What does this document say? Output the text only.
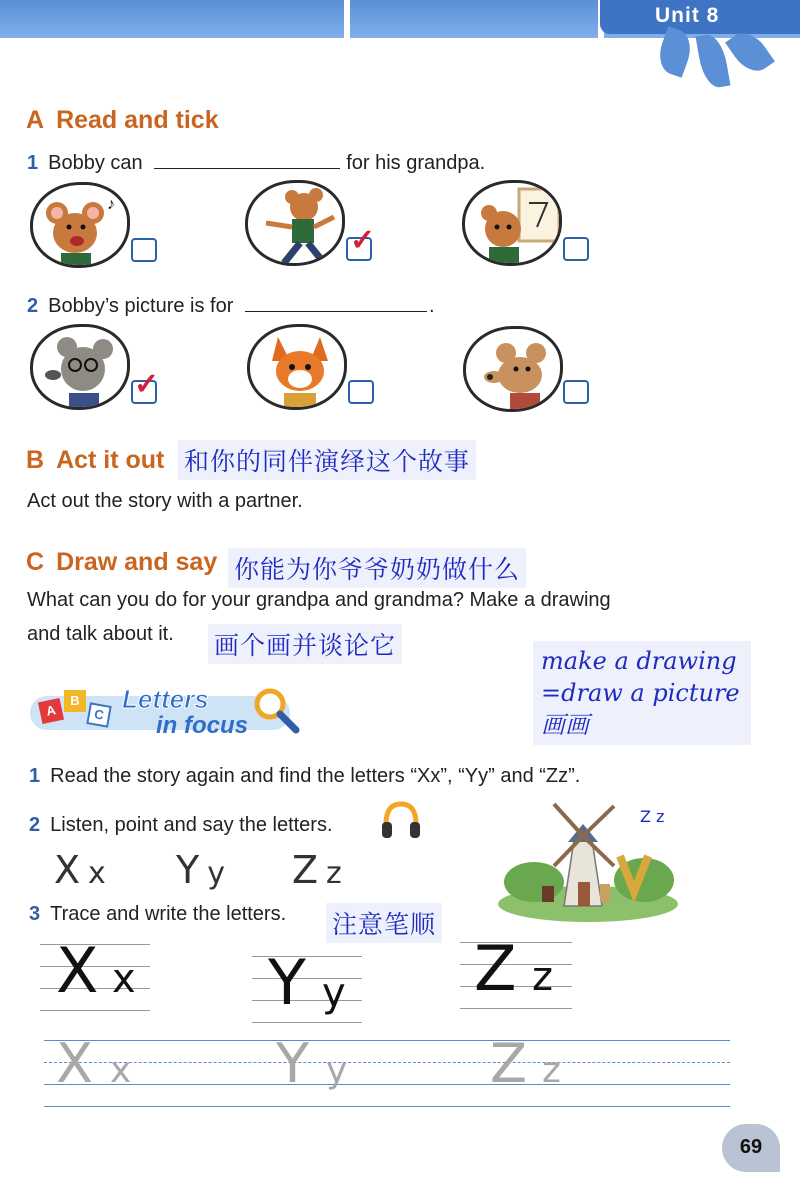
Unit 8
A Read and tick
1 Bobby can	for his grandpa.
♪
✓
2 Bobby’s picture is for	.
✓
B Act it out 和你的同伴演绎这个故事
Act out the story with a partner.
C Draw and say 你能为你爷爷奶奶做什么
What can you do for your grandpa and grandma? Make a drawing
and talk about it. 画个画并谈论它
make a drawing
=draw a picture
画画
A
B
C
Letters
in focus
1 Read the story again and find the letters “Xx”, “Yy” and “Zz”.
2 Listen, point and say the letters.
X x Y y Z z
Z z
3 Trace and write the letters. 注意笔顺
X x Y y Z z
X x	Y y	Z z
69
